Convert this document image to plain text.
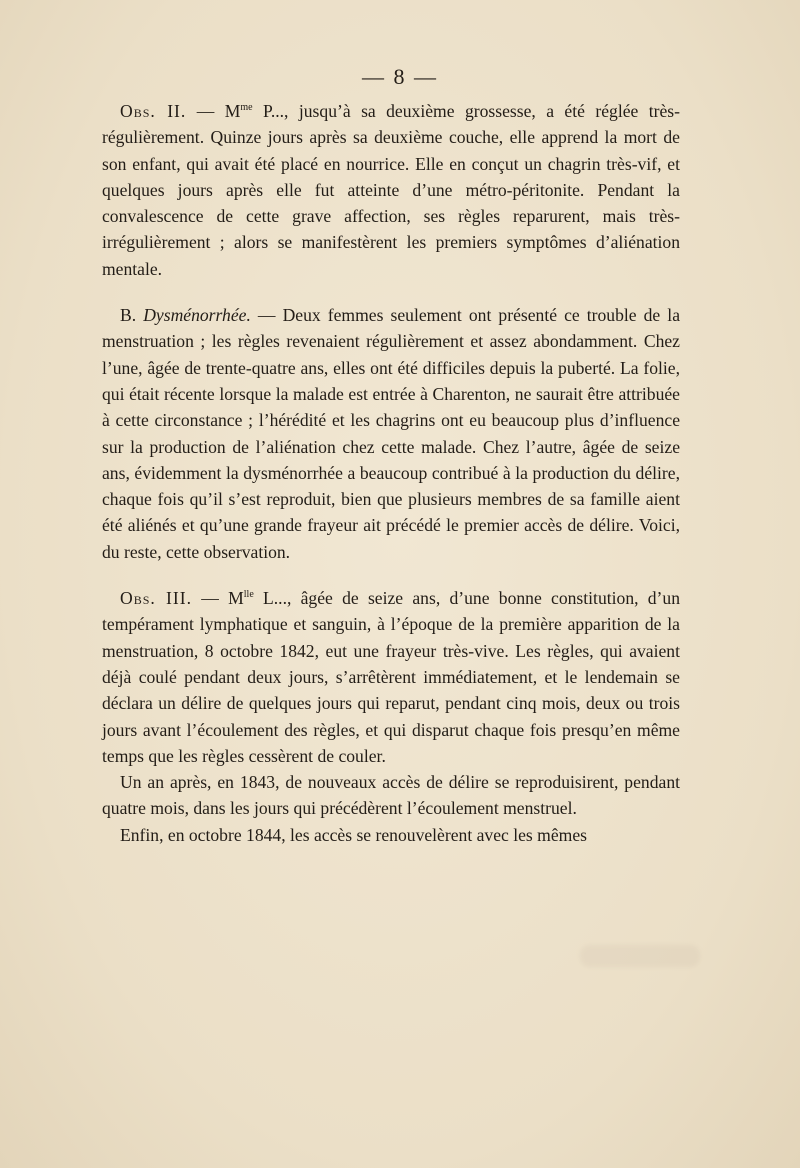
— 8 —

Obs. II. — $M^{me}$ P..., jusqu’à sa deuxième grossesse, a été réglée très-régulièrement. Quinze jours après sa deuxième couche, elle apprend la mort de son enfant, qui avait été placé en nourrice. Elle en conçut un chagrin très-vif, et quelques jours après elle fut atteinte d’une métro-péritonite. Pendant la convalescence de cette grave affection, ses règles reparurent, mais très-irrégulièrement ; alors se manifestèrent les premiers symptômes d’aliénation mentale.

B. Dysménorrhée. — Deux femmes seulement ont présenté ce trouble de la menstruation ; les règles revenaient régulièrement et assez abondamment. Chez l’une, âgée de trente-quatre ans, elles ont été difficiles depuis la puberté. La folie, qui était récente lorsque la malade est entrée à Charenton, ne saurait être attribuée à cette circonstance ; l’hérédité et les chagrins ont eu beaucoup plus d’influence sur la production de l’aliénation chez cette malade. Chez l’autre, âgée de seize ans, évidemment la dysménorrhée a beaucoup contribué à la production du délire, chaque fois qu’il s’est reproduit, bien que plusieurs membres de sa famille aient été aliénés et qu’une grande frayeur ait précédé le premier accès de délire. Voici, du reste, cette observation.

Obs. III. — $M^{lle}$ L..., âgée de seize ans, d’une bonne constitution, d’un tempérament lymphatique et sanguin, à l’époque de la première apparition de la menstruation, 8 octobre 1842, eut une frayeur très-vive. Les règles, qui avaient déjà coulé pendant deux jours, s’arrêtèrent immédiatement, et le lendemain se déclara un délire de quelques jours qui reparut, pendant cinq mois, deux ou trois jours avant l’écoulement des règles, et qui disparut chaque fois presqu’en même temps que les règles cessèrent de couler.

Un an après, en 1843, de nouveaux accès de délire se reproduisirent, pendant quatre mois, dans les jours qui précédèrent l’écoulement menstruel.

Enfin, en octobre 1844, les accès se renouvelèrent avec les mêmes
